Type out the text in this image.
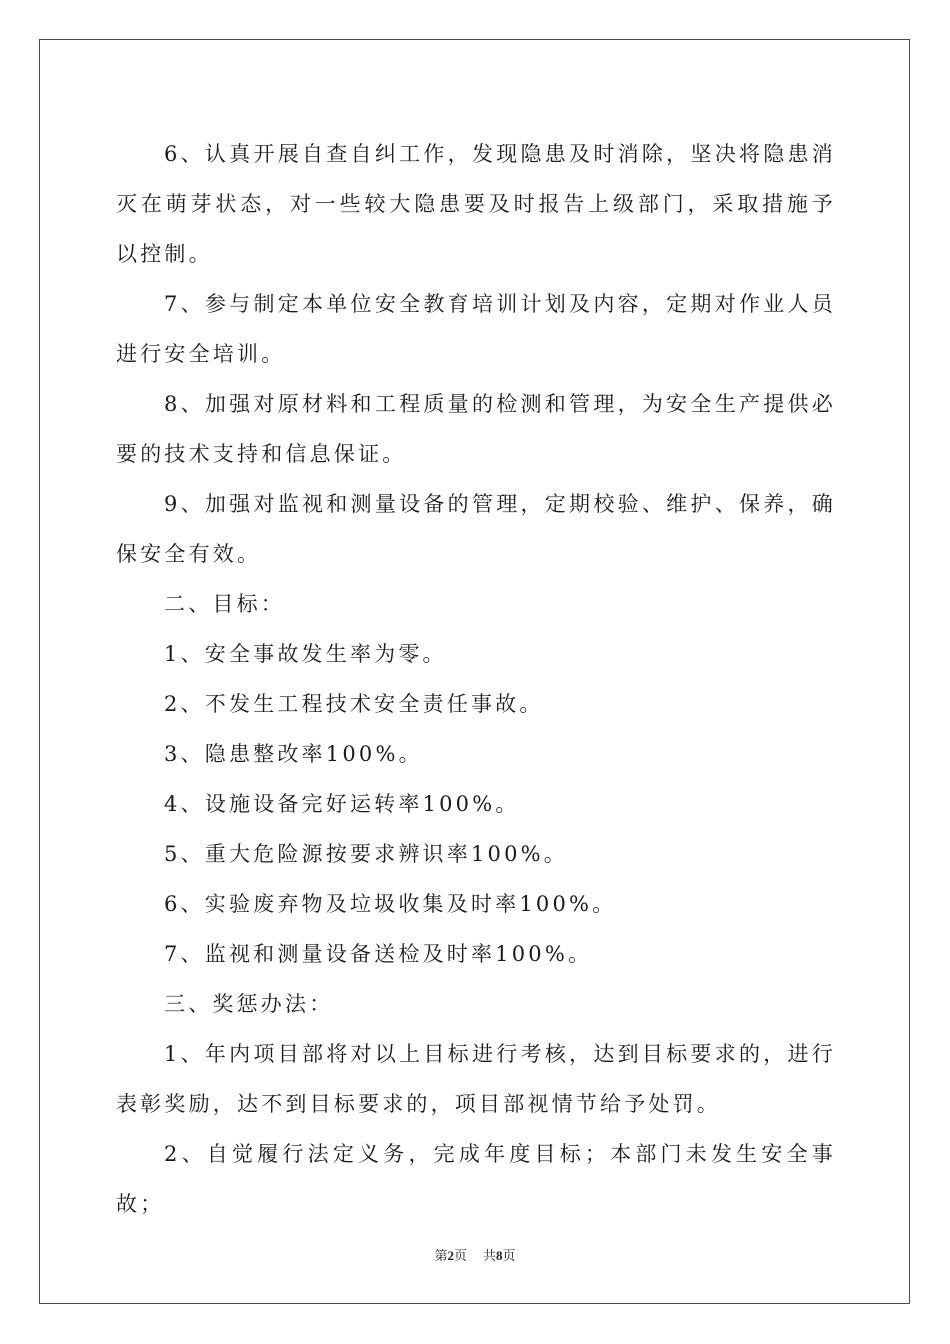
6、认真开展自查自纠工作，发现隐患及时消除，坚决将隐患消灭在萌芽状态，对一些较大隐患要及时报告上级部门，采取措施予以控制。

7、参与制定本单位安全教育培训计划及内容，定期对作业人员进行安全培训。

8、加强对原材料和工程质量的检测和管理，为安全生产提供必要的技术支持和信息保证。

9、加强对监视和测量设备的管理，定期校验、维护、保养，确保安全有效。

二、目标：

1、安全事故发生率为零。

2、不发生工程技术安全责任事故。

3、隐患整改率100%。

4、设施设备完好运转率100%。

5、重大危险源按要求辨识率100%。

6、实验废弃物及垃圾收集及时率100%。

7、监视和测量设备送检及时率100%。

三、奖惩办法：

1、年内项目部将对以上目标进行考核，达到目标要求的，进行表彰奖励，达不到目标要求的，项目部视情节给予处罚。

2、自觉履行法定义务，完成年度目标；本部门未发生安全事故；

第2页 共8页
